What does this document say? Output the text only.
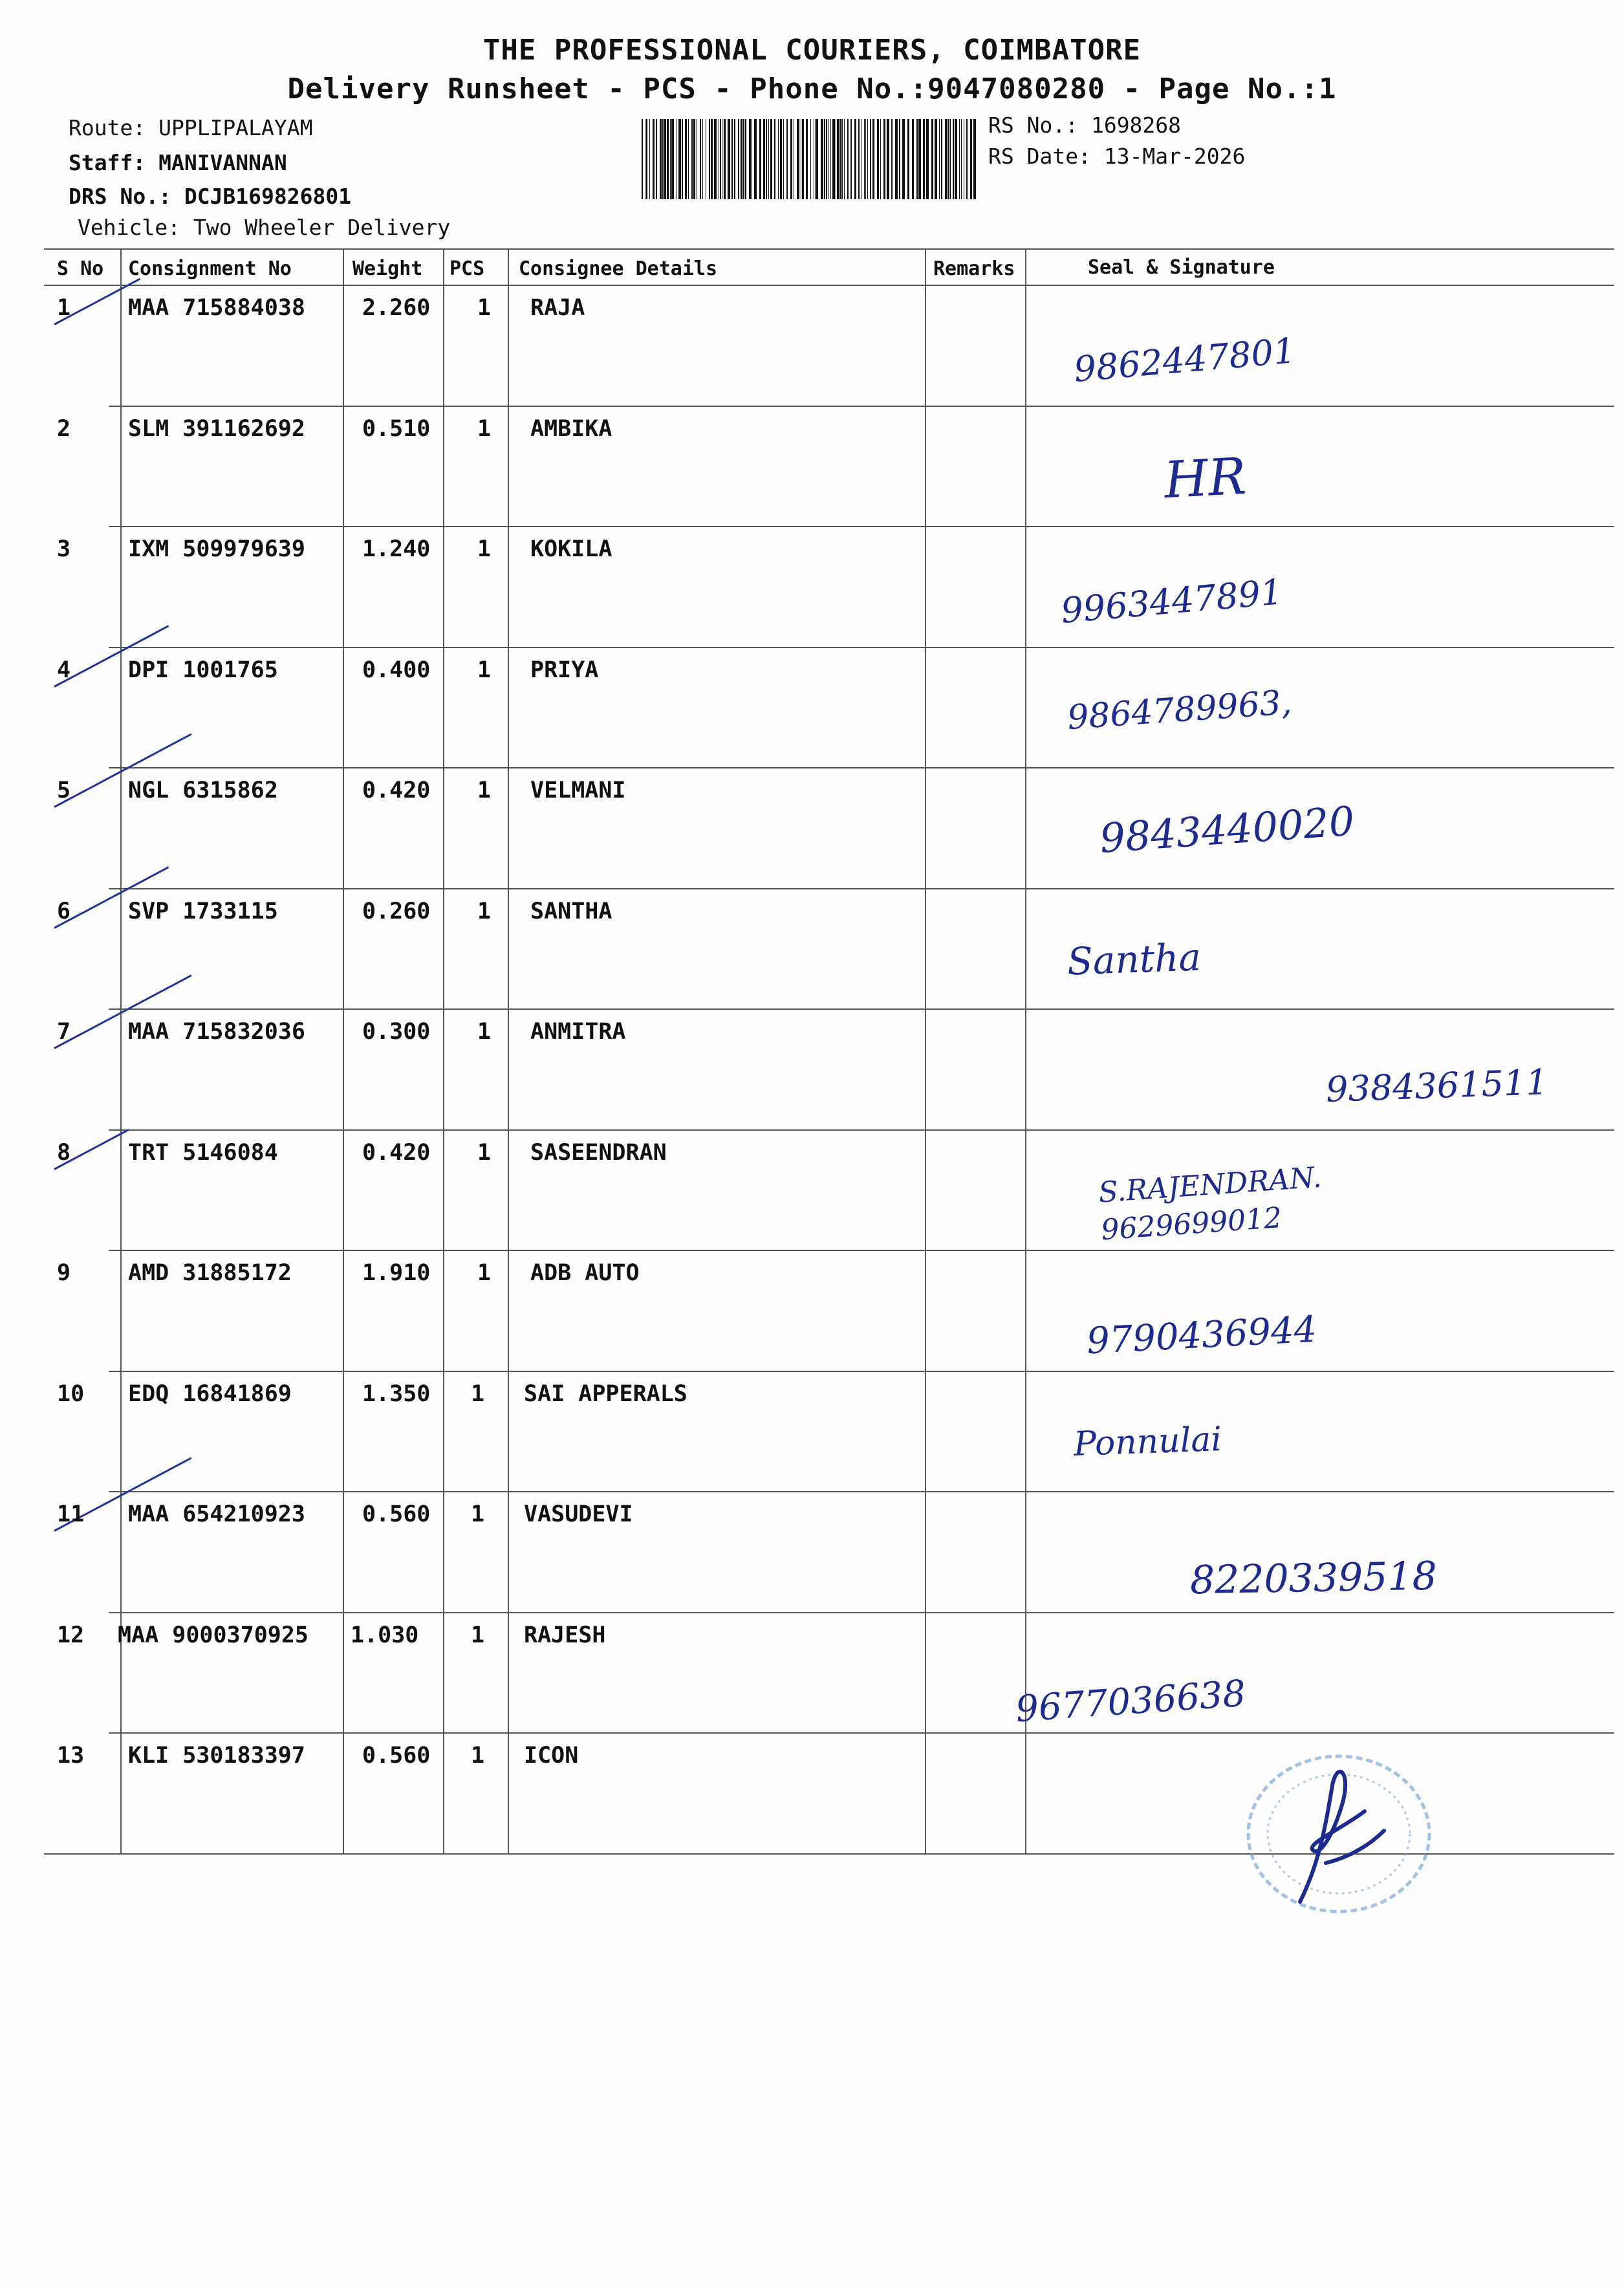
THE PROFESSIONAL COURIERS, COIMBATORE
Delivery Runsheet - PCS - Phone No.:9047080280 - Page No.:1
Route: UPPLIPALAYAM
Staff: MANIVANNAN
DRS No.: DCJB169826801
Vehicle: Two Wheeler Delivery
RS No.: 1698268
RS Date: 13-Mar-2026
S No Consignment No	Weight PCS Consignee Details	Remarks	Seal & Signature
1	MAA 715884038	2.260 1 RAJA
9862447801
2	SLM 391162692	0.510 1 AMBIKA
HR
3	IXM 509979639	1.240 1 KOKILA
9963447891
4	DPI 1001765	0.400 1 PRIYA
9864789963,
5	NGL 6315862	0.420 1 VELMANI
9843440020
6	SVP 1733115	0.260 1 SANTHA
Santha
7	MAA 715832036	0.300 1 ANMITRA
9384361511
8	TRT 5146084	0.420 1 SASEENDRAN
S.RAJENDRAN. 9629699012
9	AMD 31885172	1.910 1 ADB AUTO
9790436944
10 EDQ 16841869	1.350 1 SAI APPERALS
Ponnulai
11 MAA 654210923	0.560 1 VASUDEVI
8220339518
12 MAA 9000370925 1.030 1 RAJESH
9677036638
13 KLI 530183397	0.560 1 ICON
